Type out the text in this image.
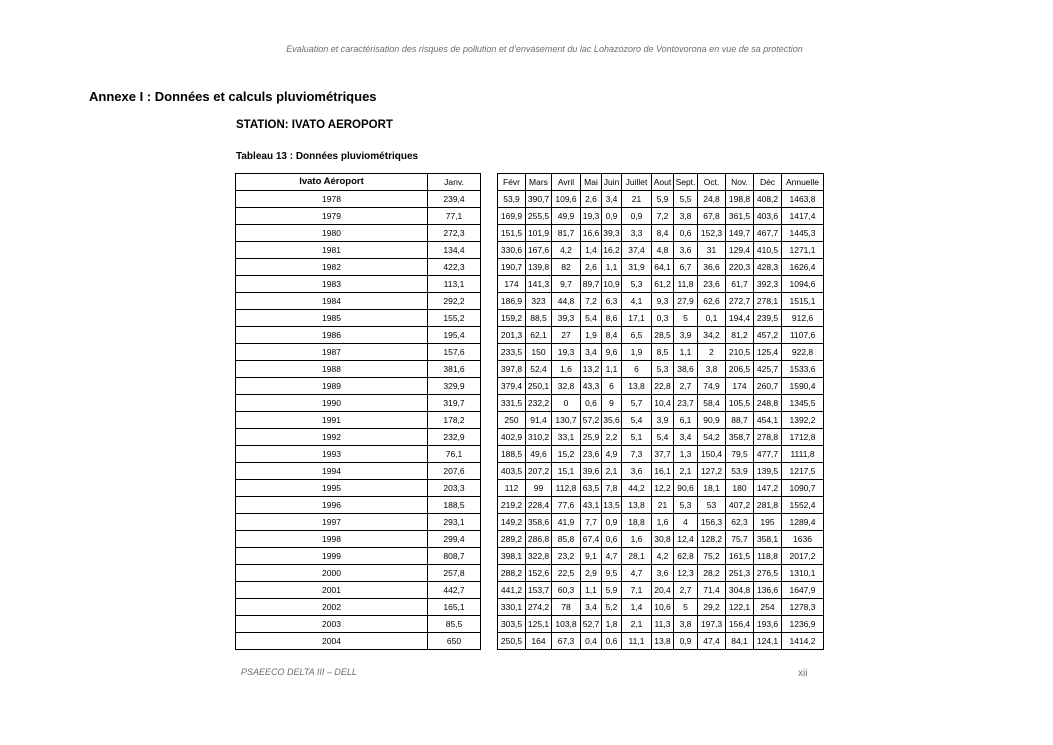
Evaluation et caractérisation des risques de pollution et d’envasement du lac Lohazozoro de Vontovorona en vue de sa protection
Annexe I : Données et calculs pluviométriques
STATION: IVATO AEROPORT
Tableau 13 : Données pluviométriques
Ivato Aéroport	Janv.		Févr	Mars	Avril	Mai	Juin	Juillet	Aout	Sept.	Oct.	Nov.	Déc	Annuelle
1978	239,4		53,9	390,7	109,6	2,6	3,4	21	5,9	5,5	24,8	198,8	408,2	1463,8
1979	77,1		169,9	255,5	49,9	19,3	0,9	0,9	7,2	3,8	67,8	361,5	403,6	1417,4
1980	272,3		151,5	101,9	81,7	16,6	39,3	3,3	8,4	0,6	152,3	149,7	467,7	1445,3
1981	134,4		330,6	167,6	4,2	1,4	16,2	37,4	4,8	3,6	31	129,4	410,5	1271,1
1982	422,3		190,7	139,8	82	2,6	1,1	31,9	64,1	6,7	36,6	220,3	428,3	1626,4
1983	113,1		174	141,3	9,7	89,7	10,9	5,3	61,2	11,8	23,6	61,7	392,3	1094,6
1984	292,2		186,9	323	44,8	7,2	6,3	4,1	9,3	27,9	62,6	272,7	278,1	1515,1
1985	155,2		159,2	88,5	39,3	5,4	8,6	17,1	0,3	5	0,1	194,4	239,5	912,6
1986	195,4		201,3	62,1	27	1,9	8,4	6,5	28,5	3,9	34,2	81,2	457,2	1107,6
1987	157,6		233,5	150	19,3	3,4	9,6	1,9	8,5	1,1	2	210,5	125,4	922,8
1988	381,6		397,8	52,4	1,6	13,2	1,1	6	5,3	38,6	3,8	206,5	425,7	1533,6
1989	329,9		379,4	250,1	32,8	43,3	6	13,8	22,8	2,7	74,9	174	260,7	1590,4
1990	319,7		331,5	232,2	0	0,6	9	5,7	10,4	23,7	58,4	105,5	248,8	1345,5
1991	178,2		250	91,4	130,7	57,2	35,6	5,4	3,9	6,1	90,9	88,7	454,1	1392,2
1992	232,9		402,9	310,2	33,1	25,9	2,2	5,1	5,4	3,4	54,2	358,7	278,8	1712,8
1993	76,1		188,5	49,6	15,2	23,6	4,9	7,3	37,7	1,3	150,4	79,5	477,7	1111,8
1994	207,6		403,5	207,2	15,1	39,6	2,1	3,6	16,1	2,1	127,2	53,9	139,5	1217,5
1995	203,3		112	99	112,8	63,5	7,8	44,2	12,2	90,6	18,1	180	147,2	1090,7
1996	188,5		219,2	228,4	77,6	43,1	13,5	13,8	21	5,3	53	407,2	281,8	1552,4
1997	293,1		149,2	358,6	41,9	7,7	0,9	18,8	1,6	4	156,3	62,3	195	1289,4
1998	299,4		289,2	286,8	85,8	67,4	0,6	1,6	30,8	12,4	128,2	75,7	358,1	1636
1999	808,7		398,1	322,8	23,2	9,1	4,7	28,1	4,2	62,8	75,2	161,5	118,8	2017,2
2000	257,8		288,2	152,6	22,5	2,9	9,5	4,7	3,6	12,3	28,2	251,3	276,5	1310,1
2001	442,7		441,2	153,7	60,3	1,1	5,9	7,1	20,4	2,7	71,4	304,8	136,6	1647,9
2002	165,1		330,1	274,2	78	3,4	5,2	1,4	10,6	5	29,2	122,1	254	1278,3
2003	85,5		303,5	125,1	103,8	52,7	1,8	2,1	11,3	3,8	197,3	156,4	193,6	1236,9
2004	650		250,5	164	67,3	0,4	0,6	11,1	13,8	0,9	47,4	84,1	124,1	1414,2
PSAEECO DELTA III – DELL	xii
